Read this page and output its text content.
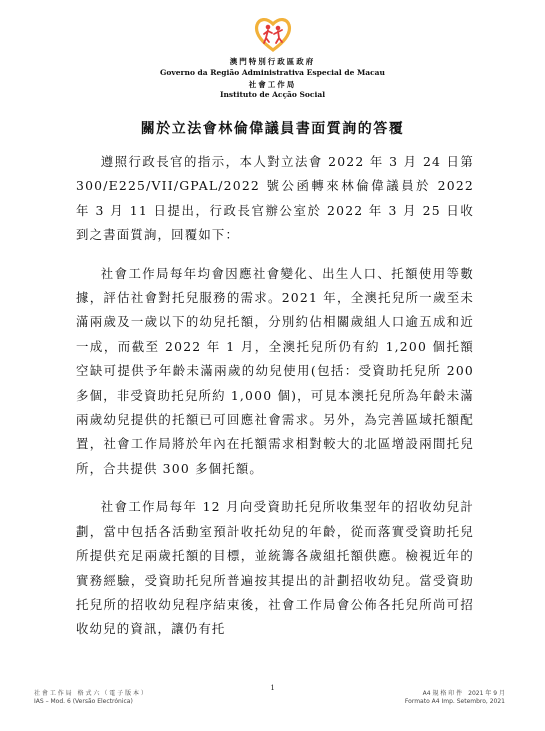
澳門特別行政區政府
Governo da Região Administrativa Especial de Macau
社會工作局
Instituto de Acção Social
關於立法會林倫偉議員書面質詢的答覆

遵照行政長官的指示，本人對立法會 2022 年 3 月 24 日第 300/E225/VII/GPAL/2022 號公函轉來林倫偉議員於 2022 年 3 月 11 日提出，行政長官辦公室於 2022 年 3 月 25 日收到之書面質詢，回覆如下：

社會工作局每年均會因應社會變化、出生人口、托額使用等數據，評估社會對托兒服務的需求。2021 年，全澳托兒所一歲至未滿兩歲及一歲以下的幼兒托額，分別約佔相關歲組人口逾五成和近一成，而截至 2022 年 1 月，全澳托兒所仍有約 1,200 個托額空缺可提供予年齡未滿兩歲的幼兒使用(包括：受資助托兒所 200 多個，非受資助托兒所約 1,000 個)，可見本澳托兒所為年齡未滿兩歲幼兒提供的托額已可回應社會需求。另外，為完善區域托額配置，社會工作局將於年內在托額需求相對較大的北區增設兩間托兒所，合共提供 300 多個托額。

社會工作局每年 12 月向受資助托兒所收集翌年的招收幼兒計劃，當中包括各活動室預計收托幼兒的年齡，從而落實受資助托兒所提供充足兩歲托額的目標，並統籌各歲組托額供應。檢視近年的實務經驗，受資助托兒所普遍按其提出的計劃招收幼兒。當受資助托兒所的招收幼兒程序結束後，社會工作局會公佈各托兒所尚可招收幼兒的資訊，讓仍有托

1
社 會 工 作 局　格 式 六 （ 電 子 版 本 ）
IAS – Mod. 6 (Versão Electrónica)
A4 規 格 印 件　2021 年 9 月
Formato A4 Imp. Setembro, 2021
